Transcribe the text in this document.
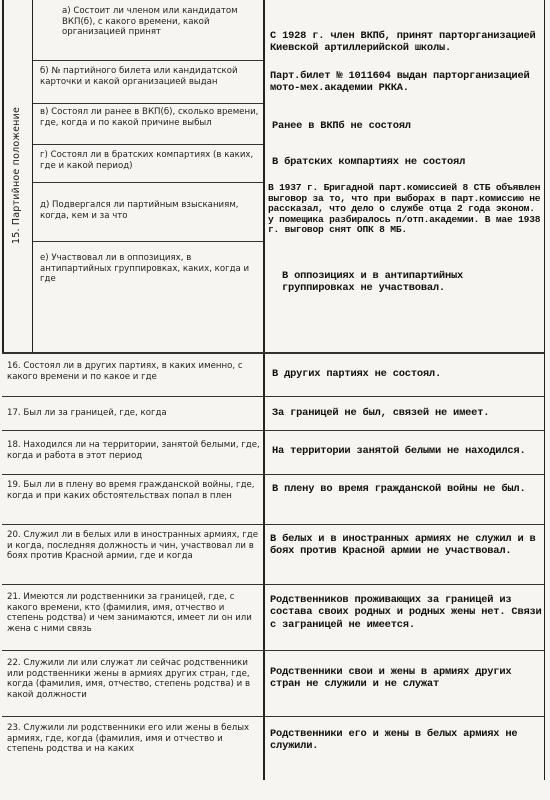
15. Партийное положение
а) Состоит ли членом или кандидатом ВКП(б), с какого времени, какой организацией принят
б) № партийного билета или кандидатской карточки и какой организацией выдан
в) Состоял ли ранее в ВКП(б), сколько времени, где, когда и по какой причине выбыл
г) Состоял ли в братских компартиях (в каких, где и какой период)
д) Подвергался ли партийным взысканиям, когда, кем и за что
е) Участвовал ли в оппозициях, в антипартийных группировках, каких, когда и где
С 1928 г. член ВКПб, принят парторганизацией Киевской артиллерийской школы.
Парт.билет № 1011604 выдан парторганизацией мото-мех.академии РККА.
Ранее в ВКПб не состоял
В братских компартиях не состоял
В 1937 г. Бригадной парт.комиссией 8 СТБ объявлен выговор за то, что при выборах в парт.комиссию не рассказал, что дело о службе отца 2 года эконом. у помещика разбиралось п/отп.академии. В мае 1938 г. выговор снят ОПК 8 МБ.
В оппозициях и в антипартийных группировках не участвовал.
16. Состоял ли в других партиях, в каких именно, с какого времени и по какое и где
17. Был ли за границей, где, когда
18. Находился ли на территории, занятой белыми, где, когда и работа в этот период
19. Был ли в плену во время гражданской войны, где, когда и при каких обстоятельствах попал в плен
20. Служил ли в белых или в иностранных армиях, где и когда, последняя должность и чин, участвовал ли в боях против Красной армии, где и когда
21. Имеются ли родственники за границей, где, с какого времени, кто (фамилия, имя, отчество и степень родства) и чем занимаются, имеет ли он или жена с ними связь
22. Служили ли или служат ли сейчас родственники или родственники жены в армиях других стран, где, когда (фамилия, имя, отчество, степень родства) и в какой должности
23. Служили ли родственники его или жены в белых армиях, где, когда (фамилия, имя и отчество и степень родства и на каких
В других партиях не состоял.
За границей не был, связей не имеет.
На территории занятой белыми не находился.
В плену во время гражданской войны не был.
В белых и в иностранных армиях не служил и в боях против Красной армии не участвовал.
Родственников проживающих за границей из состава своих родных и родных жены нет. Связи с заграницей не имеется.
Родственники свои и жены в армиях других стран не служили и не служат
Родственники его и жены в белых армиях не служили.
